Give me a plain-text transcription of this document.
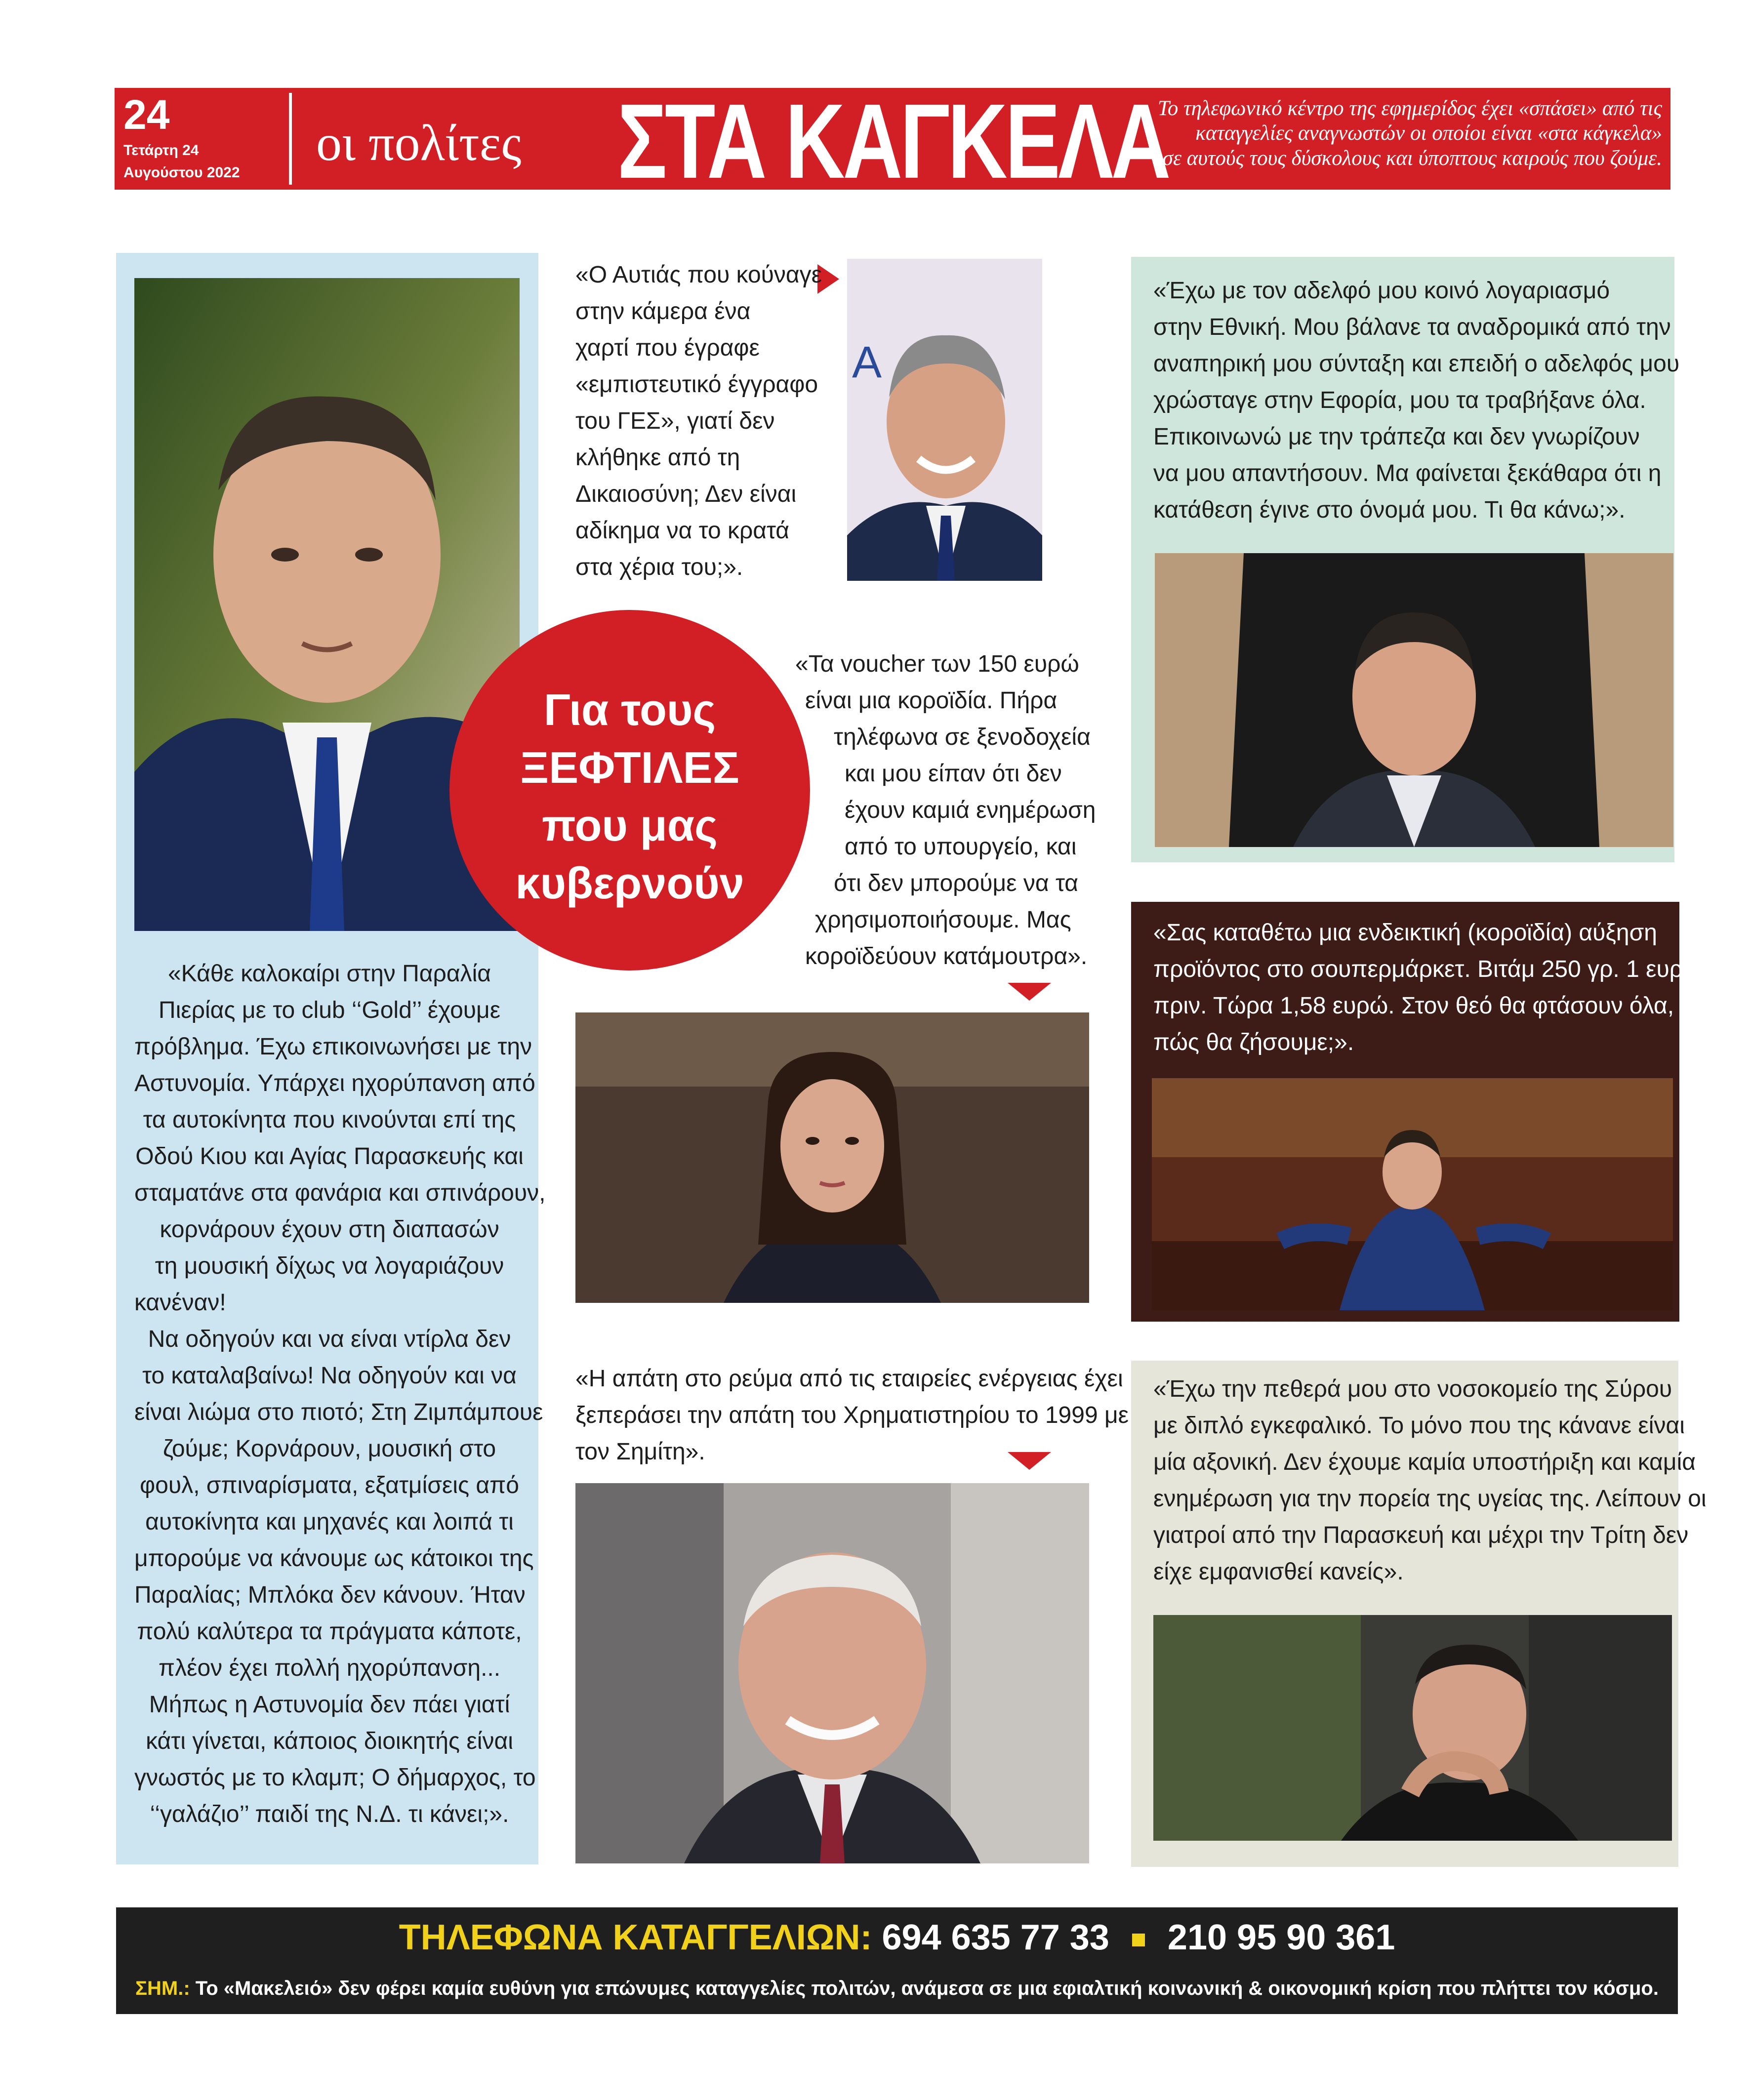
24
Τετάρτη 24
Αυγούστου 2022
οι πολίτες ΣΤΑ ΚΑΓΚΕΛΑ
Το τηλεφωνικό κέντρο της εφημερίδος έχει «σπάσει» από τις
καταγγελίες αναγνωστών οι οποίοι είναι «στα κάγκελα»
σε αυτούς τους δύσκολους και ύποπτους καιρούς που ζούμε.
A
Για τους
ΞΕΦΤΙΛΕΣ
που μας
κυβερνούν
«Κάθε καλοκαίρι στην Παραλία
Πιερίας με το club ‘‘Gold’’ έχουμε
πρόβλημα. Έχω επικοινωνήσει με την
Αστυνομία. Υπάρχει ηχορύπανση από
τα αυτοκίνητα που κινούνται επί της
Οδού Κιου και Αγίας Παρασκευής και
σταματάνε στα φανάρια και σπινάρουν,
κορνάρουν έχουν στη διαπασών
τη μουσική δίχως να λογαριάζουν
κανέναν!
Να οδηγούν και να είναι ντίρλα δεν
το καταλαβαίνω! Να οδηγούν και να
είναι λιώμα στο πιοτό; Στη Ζιμπάμπουε
ζούμε; Κορνάρουν, μουσική στο
φουλ, σπιναρίσματα, εξατμίσεις από
αυτοκίνητα και μηχανές και λοιπά τι
μπορούμε να κάνουμε ως κάτοικοι της
Παραλίας; Μπλόκα δεν κάνουν. Ήταν
πολύ καλύτερα τα πράγματα κάποτε,
πλέον έχει πολλή ηχορύπανση...
Μήπως η Αστυνομία δεν πάει γιατί
κάτι γίνεται, κάποιος διοικητής είναι
γνωστός με το κλαμπ; Ο δήμαρχος, το
‘‘γαλάζιο’’ παιδί της Ν.Δ. τι κάνει;».
«Ο Αυτιάς που κούναγε
στην κάμερα ένα
χαρτί που έγραφε
«εμπιστευτικό έγγραφο
του ΓΕΣ», γιατί δεν
κλήθηκε από τη
Δικαιοσύνη; Δεν είναι
αδίκημα να το κρατά
στα χέρια του;».
«Τα voucher των 150 ευρώ
είναι μια κοροϊδία. Πήρα
τηλέφωνα σε ξενοδοχεία
και μου είπαν ότι δεν
έχουν καμιά ενημέρωση
από το υπουργείο, και
ότι δεν μπορούμε να τα
χρησιμοποιήσουμε. Μας
κοροϊδεύουν κατάμουτρα».
«Η απάτη στο ρεύμα από τις εταιρείες ενέργειας έχει
ξεπεράσει την απάτη του Χρηματιστηρίου το 1999 με
τον Σημίτη».
«Έχω με τον αδελφό μου κοινό λογαριασμό
στην Εθνική. Μου βάλανε τα αναδρομικά από την
αναπηρική μου σύνταξη και επειδή ο αδελφός μου
χρώσταγε στην Εφορία, μου τα τραβήξανε όλα.
Επικοινωνώ με την τράπεζα και δεν γνωρίζουν
να μου απαντήσουν. Μα φαίνεται ξεκάθαρα ότι η
κατάθεση έγινε στο όνομά μου. Τι θα κάνω;».
«Σας καταθέτω μια ενδεικτική (κοροϊδία) αύξηση
προϊόντος στο σουπερμάρκετ. Βιτάμ 250 γρ. 1 ευρώ
πριν. Τώρα 1,58 ευρώ. Στον θεό θα φτάσουν όλα,
πώς θα ζήσουμε;».
«Έχω την πεθερά μου στο νοσοκομείο της Σύρου
με διπλό εγκεφαλικό. Το μόνο που της κάνανε είναι
μία αξονική. Δεν έχουμε καμία υποστήριξη και καμία
ενημέρωση για την πορεία της υγείας της. Λείπουν οι
γιατροί από την Παρασκευή και μέχρι την Τρίτη δεν
είχε εμφανισθεί κανείς».
ΤΗΛΕΦΩΝΑ ΚΑΤΑΓΓΕΛΙΩΝ: 694 635 77 33 210 95 90 361
ΣΗΜ.: Το «Μακελειό» δεν φέρει καμία ευθύνη για επώνυμες καταγγελίες πολιτών, ανάμεσα σε μια εφιαλτική κοινωνική & οικονομική κρίση που πλήττει τον κόσμο.
